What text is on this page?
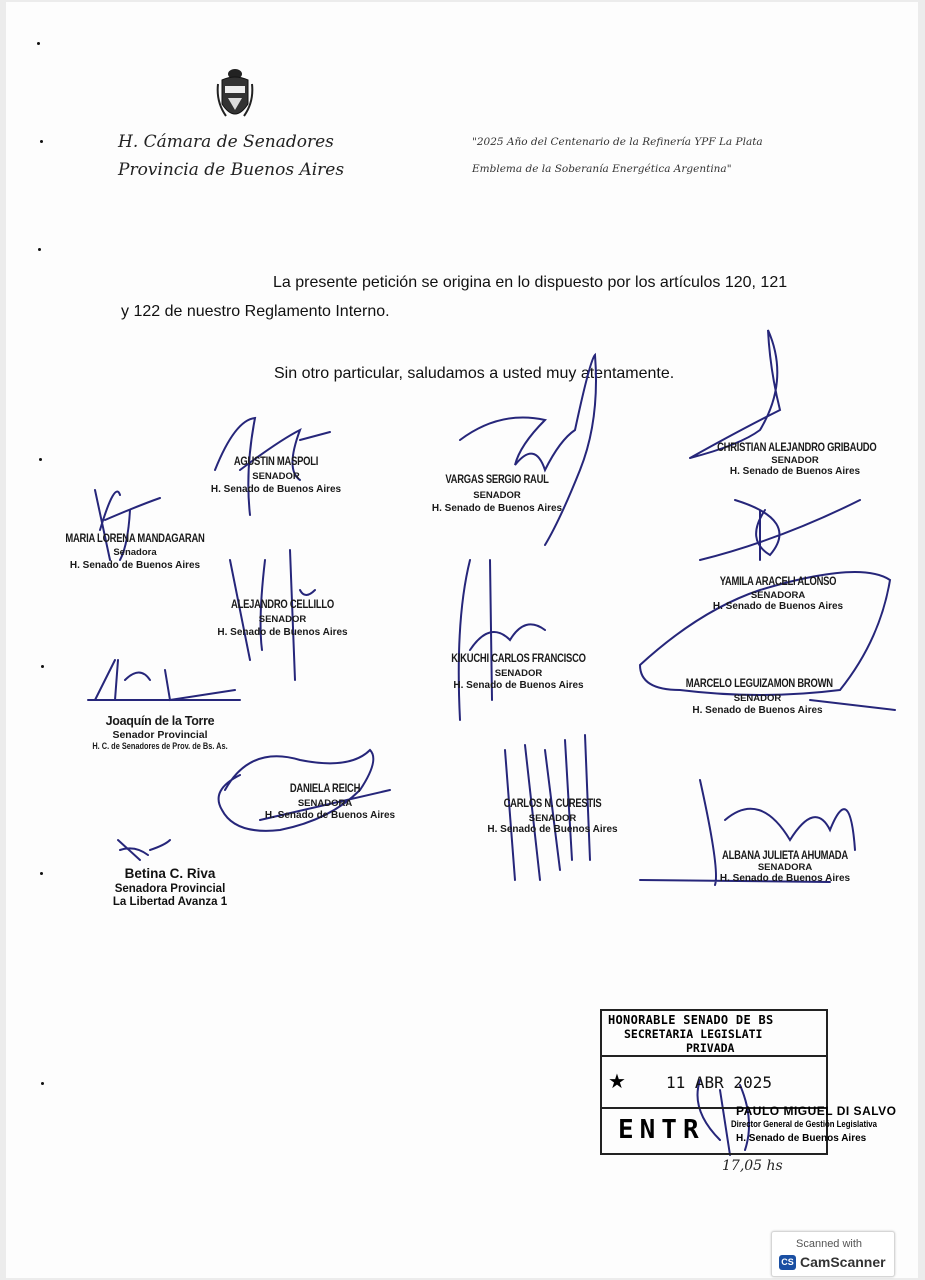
H. Cámara de Senadores
Provincia de Buenos Aires
"2025 Año del Centenario de la Refinería YPF La Plata
Emblema de la Soberanía Energética Argentina"
La presente petición se origina en lo dispuesto por los artículos 120, 121
y 122 de nuestro Reglamento Interno.
Sin otro particular, saludamos a usted muy atentamente.
AGUSTIN MASPOLI
SENADOR
H. Senado de Buenos Aires
VARGAS SERGIO RAUL
SENADOR
H. Senado de Buenos Aires
CHRISTIAN ALEJANDRO GRIBAUDO
SENADOR
H. Senado de Buenos Aires
MARIA LORENA MANDAGARAN
Senadora
H. Senado de Buenos Aires
ALEJANDRO CELLILLO
SENADOR
H. Senado de Buenos Aires
YAMILA ARACELI ALONSO
SENADORA
H. Senado de Buenos Aires
KIKUCHI CARLOS FRANCISCO
SENADOR
H. Senado de Buenos Aires	MARCELO LEGUIZAMON BROWN
SENADOR
H. Senado de Buenos Aires
Joaquín de la Torre
Senador Provincial
H. C. de Senadores de Prov. de Bs. As.
DANIELA REICH
SENADORA
H. Senado de Buenos Aires
CARLOS N. CURESTIS
SENADOR
H. Senado de Buenos Aires
ALBANA JULIETA AHUMADA
SENADORA
H. Senado de Buenos Aires
Betina C. Riva
Senadora Provincial
La Libertad Avanza 1
HONORABLE SENADO DE BS
SECRETARIA LEGISLATI
PRIVADA
★	11 ABR 2025
ENTR
17,05 hs
PAULO MIGUEL DI SALVO
Director General de Gestión Legislativa
H. Senado de Buenos Aires
Scanned with
CS CamScanner
